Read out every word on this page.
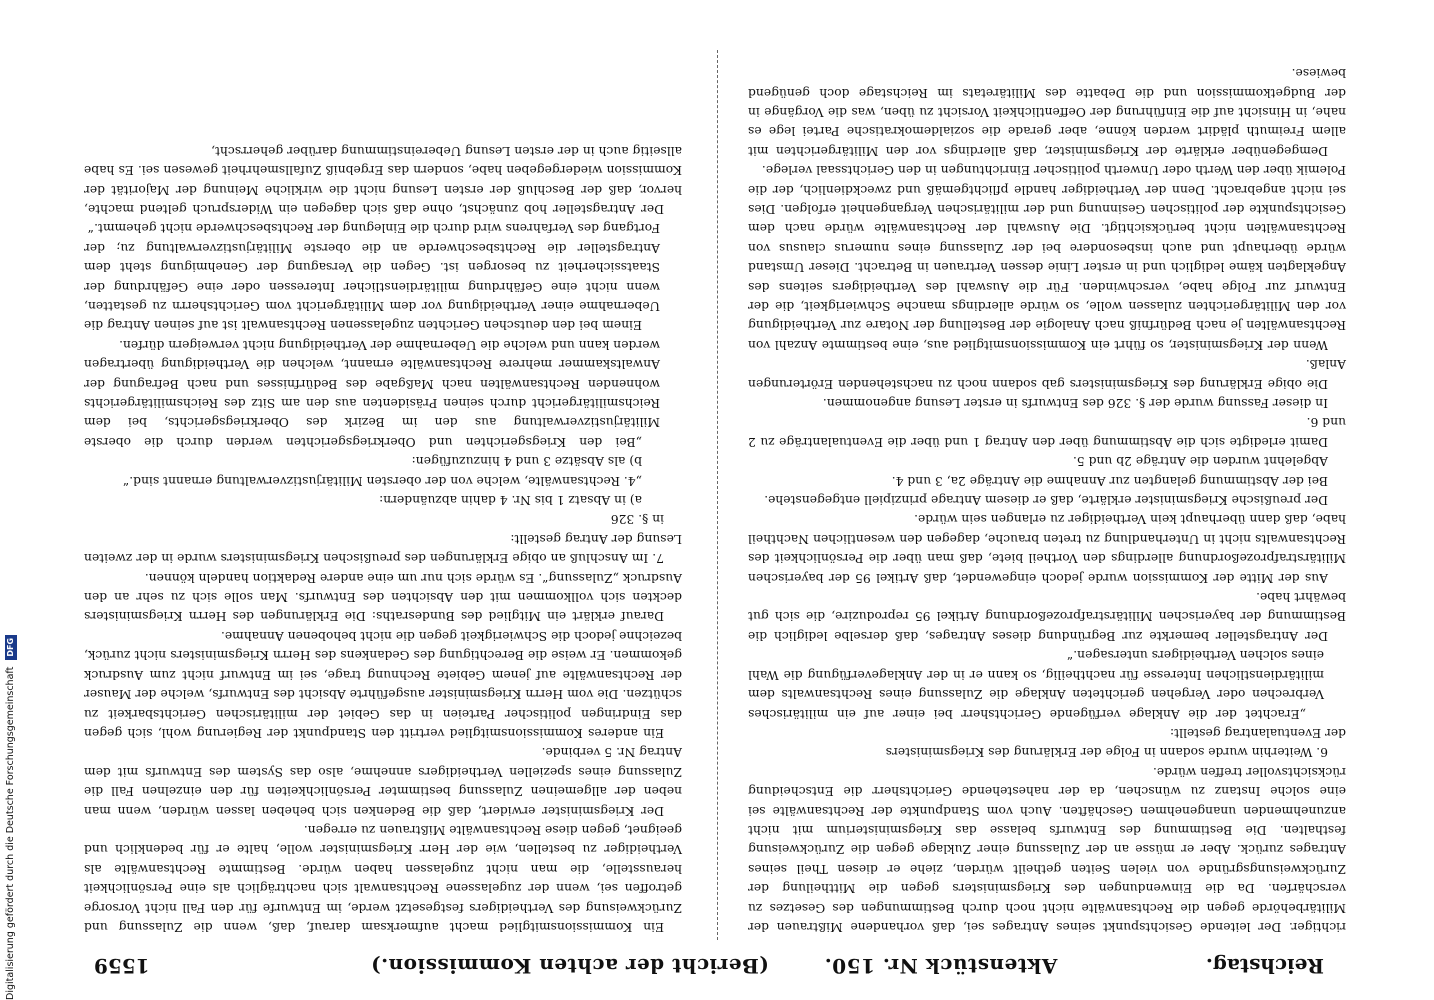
Reichstag.
Aktenstück Nr. 150. (Bericht der achten Kommission.)
1559

richtiger. Der leitende Gesichtspunkt seines Antrages sei, daß vorhandene Mißtrauen der Militärbehörde gegen die Rechtsanwälte nicht noch durch Bestimmungen des Gesetzes zu verschärfen. Da die Einwendungen des Kriegsministers gegen die Mittheilung der Zurückweisungsgründe von vielen Seiten getheilt würden, ziehe er diesen Theil seines Antrages zurück. Aber er müsse an der Zulassung einer Zuklage gegen die Zurückweisung festhalten. Die Bestimmung des Entwurfs belasse das Kriegsministerium mit nicht anzunehmenden unangenehmen Geschäften. Auch vom Standpunkte der Rechtsanwälte sei eine solche Instanz zu wünschen, da der nahestehende Gerichtsherr die Entscheidung rücksichtsvoller treffen würde.

6. Weiterhin wurde sodann in Folge der Erklärung des Kriegsministers

der Eventualantrag gestellt:

„Erachtet der die Anklage verfügende Gerichtsherr bei einer auf ein militärisches Verbrechen oder Vergehen gerichteten Anklage die Zulassung eines Rechtsanwalts dem militärdienstlichen Interesse für nachtheilig, so kann er in der Anklageverfügung die Wahl eines solchen Vertheidigers untersagen.“

Der Antragsteller bemerkte zur Begründung dieses Antrages, daß derselbe lediglich die Bestimmung der bayerischen Militärstrafprozeßordnung Artikel 95 reproduzire, die sich gut bewährt habe.

Aus der Mitte der Kommission wurde jedoch eingewendet, daß Artikel 95 der bayerischen Militärstrafprozeßordnung allerdings den Vortheil biete, daß man über die Persönlichkeit des Rechtsanwalts nicht in Unterhandlung zu treten brauche, dagegen den wesentlichen Nachtheil habe, daß dann überhaupt kein Vertheidiger zu erlangen sein würde.

Der preußische Kriegsminister erklärte, daß er diesem Antrage prinzipiell entgegenstehe.

Bei der Abstimmung gelangten zur Annahme die Anträge 2a, 3 und 4.

Abgelehnt wurden die Anträge 2b und 5.

Damit erledigte sich die Abstimmung über den Antrag 1 und über die Eventualanträge zu 2 und 6.

In dieser Fassung wurde der §. 326 des Entwurfs in erster Lesung angenommen.

Die obige Erklärung des Kriegsministers gab sodann noch zu nachstehenden Erörterungen Anlaß.

Wenn der Kriegsminister, so führt ein Kommissionsmitglied aus, eine bestimmte Anzahl von Rechtsanwälten je nach Bedürfniß nach Analogie der Bestellung der Notare zur Vertheidigung vor den Militärgerichten zulassen wolle, so würde allerdings manche Schwierigkeit, die der Entwurf zur Folge habe, verschwinden. Für die Auswahl des Vertheidigers seitens des Angeklagten käme lediglich und in erster Linie dessen Vertrauen in Betracht. Dieser Umstand würde überhaupt und auch insbesondere bei der Zulassung eines numerus clausus von Rechtsanwälten nicht berücksichtigt. Die Auswahl der Rechtsanwälte würde nach dem Gesichtspunkte der politischen Gesinnung und der militärischen Vergangenheit erfolgen. Dies sei nicht angebracht. Denn der Vertheidiger handle pflichtgemäß und zweckdienlich, der die Polemik über den Werth oder Unwerth politischer Einrichtungen in den Gerichtssaal verlege.

Demgegenüber erklärte der Kriegsminister, daß allerdings vor den Militärgerichten mit allem Freimuth plädirt werden könne, aber gerade die sozialdemokratische Partei lege es nahe, in Hinsicht auf die Einführung der Oeffentlichkeit Vorsicht zu üben, was die Vorgänge in der Budgetkommission und die Debatte des Militäretats im Reichstage doch genügend bewiese.

Ein Kommissionsmitglied macht aufmerksam darauf, daß, wenn die Zulassung und Zurückweisung des Vertheidigers festgesetzt werde, im Entwurfe für den Fall nicht Vorsorge getroffen sei, wenn der zugelassene Rechtsanwalt sich nachträglich als eine Persönlichkeit herausstelle, die man nicht zugelassen haben würde. Bestimmte Rechtsanwälte als Vertheidiger zu bestellen, wie der Herr Kriegsminister wolle, halte er für bedenklich und geeignet, gegen diese Rechtsanwälte Mißtrauen zu erregen.

Der Kriegsminister erwidert, daß die Bedenken sich beheben lassen würden, wenn man neben der allgemeinen Zulassung bestimmter Persönlichkeiten für den einzelnen Fall die Zulassung eines speziellen Vertheidigers annehme, also das System des Entwurfs mit dem Antrag Nr. 5 verbinde.

Ein anderes Kommissionsmitglied vertritt den Standpunkt der Regierung wohl, sich gegen das Eindringen politischer Parteien in das Gebiet der militärischen Gerichtsbarkeit zu schützen. Die vom Herrn Kriegsminister ausgeführte Absicht des Entwurfs, welche der Mauser der Rechtsanwälte auf jenem Gebiete Rechnung trage, sei im Entwurf nicht zum Ausdruck gekommen. Er weise die Berechtigung des Gedankens des Herrn Kriegsministers nicht zurück, bezeichne jedoch die Schwierigkeit gegen die nicht behobenen Annahme.

Darauf erklärt ein Mitglied des Bundesraths: Die Erklärungen des Herrn Kriegsministers deckten sich vollkommen mit den Absichten des Entwurfs. Man solle sich zu sehr an den Ausdruck „Zulassung“. Es würde sich nur um eine andere Redaktion handeln können.

7. Im Anschluß an obige Erklärungen des preußischen Kriegsministers wurde in der zweiten Lesung der Antrag gestellt:

in §. 326

a) in Absatz 1 bis Nr. 4 dahin abzuändern:

„4. Rechtsanwälte, welche von der obersten Militärjustizverwaltung ernannt sind.“

b) als Absätze 3 und 4 hinzuzufügen:

„Bei den Kriegsgerichten und Oberkriegsgerichten werden durch die oberste Militärjustizverwaltung aus den im Bezirk des Oberkriegsgerichts, bei dem Reichsmilitärgericht durch seinen Präsidenten aus den am Sitz des Reichsmilitärgerichts wohnenden Rechtsanwälten nach Maßgabe des Bedürfnisses und nach Befragung der Anwaltskammer mehrere Rechtsanwälte ernannt, welchen die Vertheidigung übertragen werden kann und welche die Uebernahme der Vertheidigung nicht verweigern dürfen.

Einem bei den deutschen Gerichten zugelassenen Rechtsanwalt ist auf seinen Antrag die Uebernahme einer Vertheidigung vor dem Militärgericht vom Gerichtsherrn zu gestatten, wenn nicht eine Gefährdung militärdienstlicher Interessen oder eine Gefährdung der Staatssicherheit zu besorgen ist. Gegen die Versagung der Genehmigung steht dem Antragsteller die Rechtsbeschwerde an die oberste Militärjustizverwaltung zu; der Fortgang des Verfahrens wird durch die Einlegung der Rechtsbeschwerde nicht gehemmt.“

Der Antragsteller hob zunächst, ohne daß sich dagegen ein Widerspruch geltend machte, hervor, daß der Beschluß der ersten Lesung nicht die wirkliche Meinung der Majorität der Kommission wiedergegeben habe, sondern das Ergebniß Zufallsmehrheit gewesen sei. Es habe allseitig auch in der ersten Lesung Uebereinstimmung darüber geherrscht,

Digitalisierung gefördert durch die Deutsche Forschungsgemeinschaft DFG
